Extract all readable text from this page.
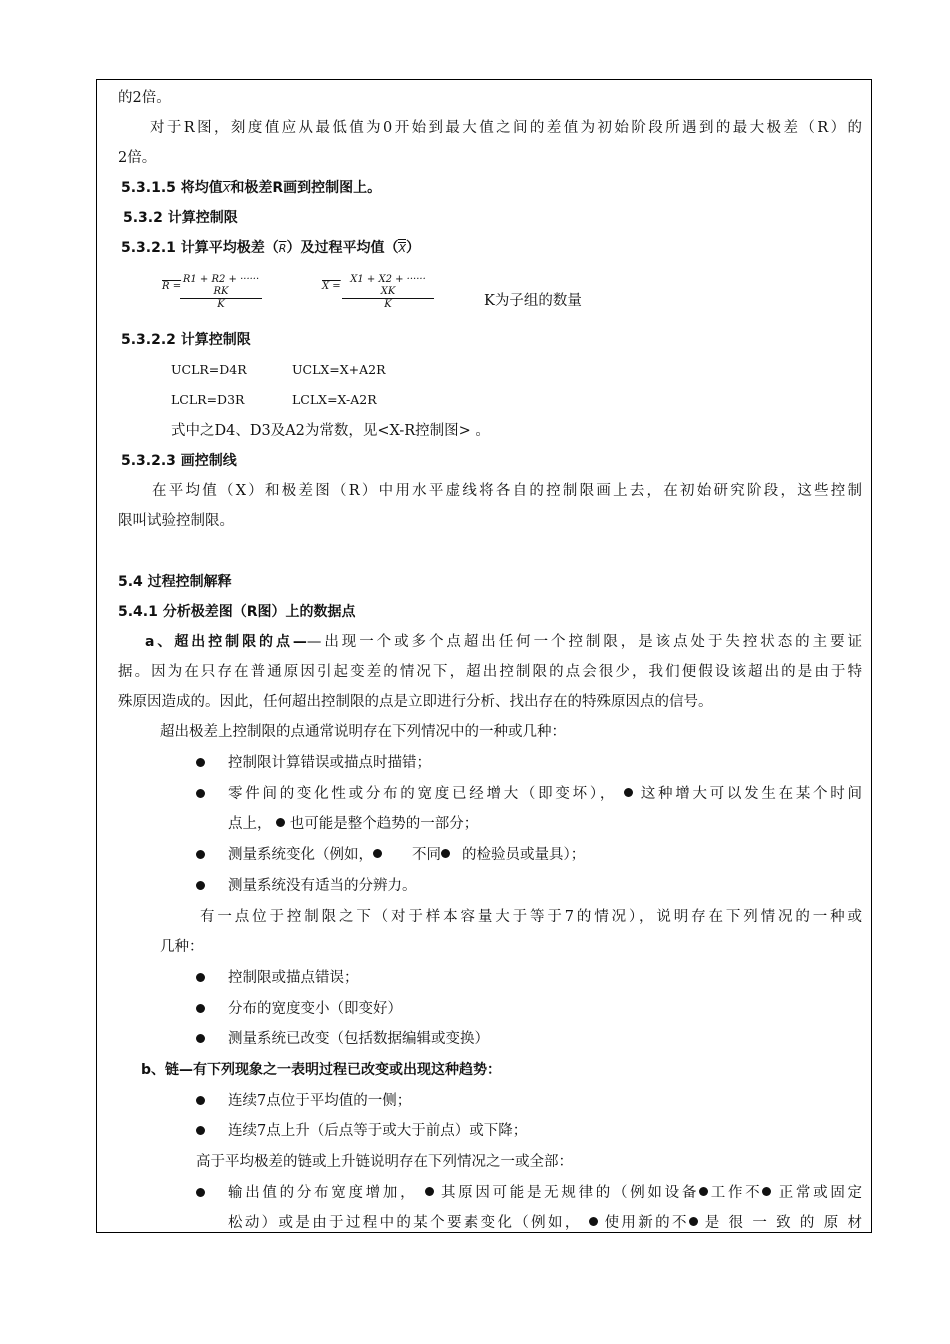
的2倍。
对于R图，刻度值应从最低值为0开始到最大值之间的差值为初始阶段所遇到的最大极差（R）的
2倍。
5.3.1.5 将均值$\overline{X}$和极差R画到控制图上。
5.3.2 计算控制限
5.3.2.1 计算平均极差$(\overline{R})$及过程平均值（X）
R =
R1 + R2 + ······ RK
K
X =
X1 + X2 + ······ XK
K	K为子组的数量
5.3.2.2 计算控制限
UCLR=D4R	UCLX=X+A2R
LCLR=D3R	LCLX=X-A2R
式中之D4、D3及A2为常数，见<X-R控制图> 。
5.3.2.3 画控制线
在平均值（X）和极差图（R）中用水平虚线将各自的控制限画上去，在初始研究阶段，这些控制
限叫试验控制限。
5.4 过程控制解释
5.4.1 分析极差图（R图）上的数据点
a、超出控制限的点——出现一个或多个点超出任何一个控制限，是该点处于失控状态的主要证
据。因为在只存在普通原因引起变差的情况下，超出控制限的点会很少，我们便假设该超出的是由于特
殊原因造成的。因此，任何超出控制限的点是立即进行分析、找出存在的特殊原因点的信号。
超出极差上控制限的点通常说明存在下列情况中的一种或几种：
控制限计算错误或描点时描错；
零件间的变化性或分布的宽度已经增大（即变坏）， 这种增大可以发生在某个时间
点上， 也可能是整个趋势的一部分；
测量系统变化（例如，	不同 的检验员或量具）；
测量系统没有适当的分辨力。
有一点位于控制限之下（对于样本容量大于等于7的情况），说明存在下列情况的一种或
几种：
控制限或描点错误；
分布的宽度变小（即变好）
测量系统已改变（包括数据编辑或变换）
b、链—有下列现象之一表明过程已改变或出现这种趋势：
连续7点位于平均值的一侧；
连续7点上升（后点等于或大于前点）或下降；
高于平均极差的链或上升链说明存在下列情况之一或全部：
输出值的分布宽度增加， 其原因可能是无规律的（例如设备 工作不 正常或固定
松动）或是由于过程中的某个要素变化（例如， 使用新的不 是 很 一 致 的 原 材
